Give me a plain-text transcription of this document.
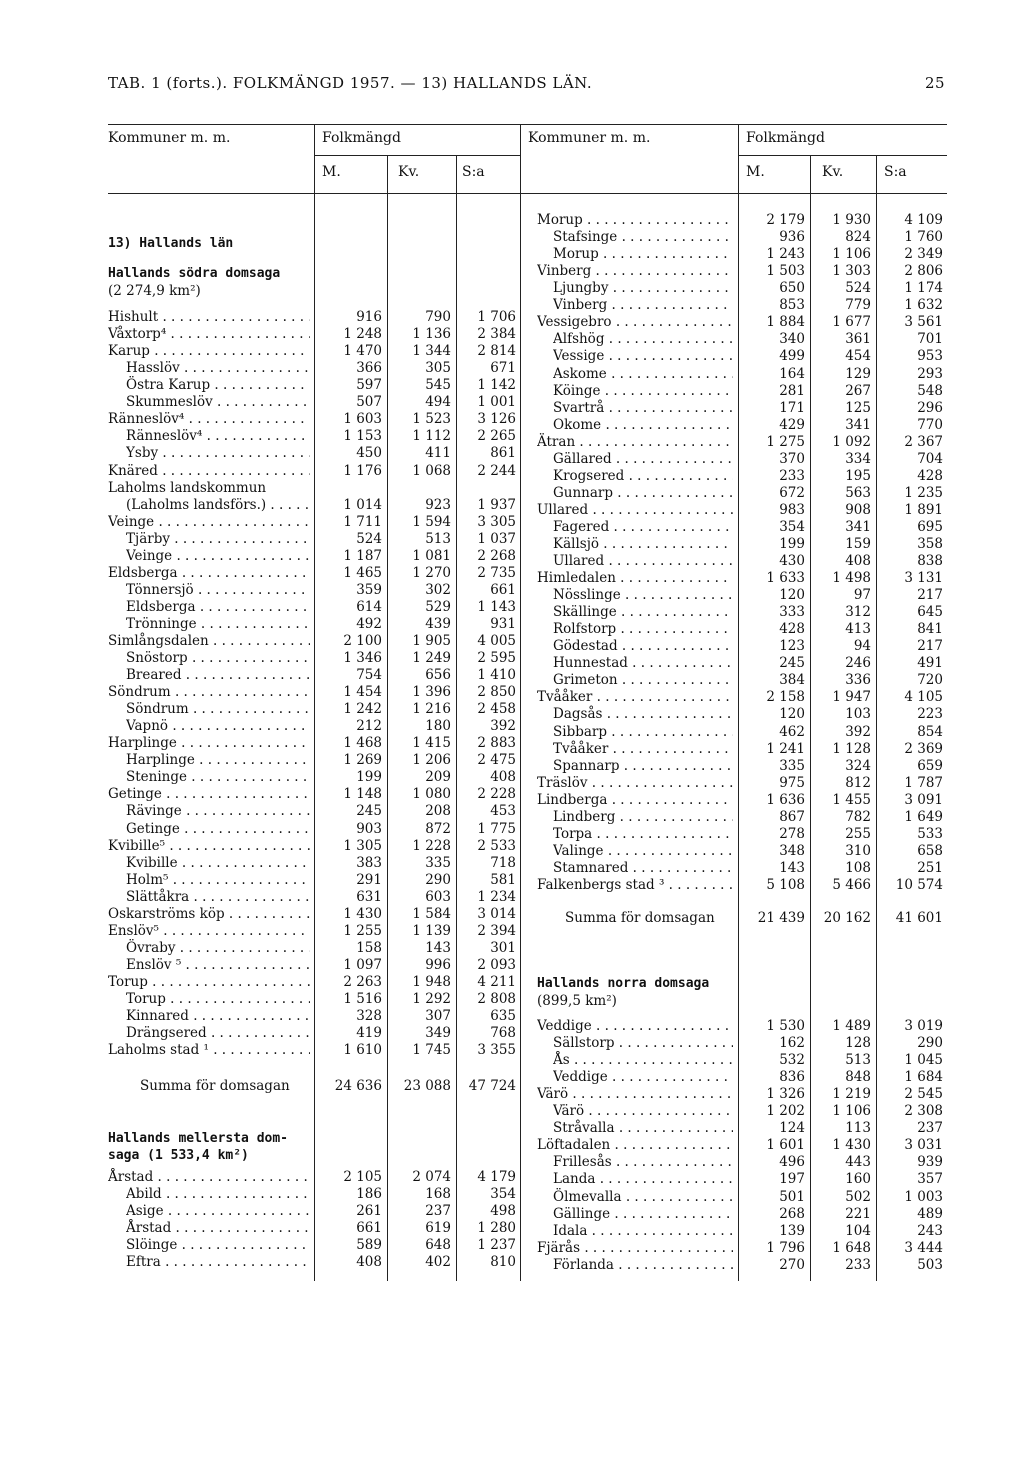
TAB. 1 (forts.). FOLKMÄNGD 1957. — 13) HALLANDS LÄN.	25
Kommuner m. m.	Folkmängd	Kommuner m. m.	Folkmängd
M.	Kv.	S:a	M.	Kv.	S:a
13) Hallands län
Hallands södra domsaga
(2 274,9 km²)
Hallands mellersta dom-
saga (1 533,4 km²)
Hallands norra domsaga
(899,5 km²)
Hishult . . .	916	790	1 706
Våxtorp⁴ . . .	1 248	1 136	2 384
Karup . . .	1 470	1 344	2 814
Hasslöv . . .	366	305	671
Östra Karup . . .	597	545	1 142
Skummeslöv . . .	507	494	1 001
Ränneslöv⁴ . . .	1 603	1 523	3 126
Ränneslöv⁴ . . .	1 153	1 112	2 265
Ysby . . .	450	411	861
Knäred . . .	1 176	1 068	2 244
Laholms landskommun
(Laholms landsförs.) . . .	1 014	923	1 937
Veinge . . .	1 711	1 594	3 305
Tjärby . . .	524	513	1 037
Veinge . . .	1 187	1 081	2 268
Eldsberga . . .	1 465	1 270	2 735
Tönnersjö . . .	359	302	661
Eldsberga . . .	614	529	1 143
Trönninge . . .	492	439	931
Simlångsdalen . . .	2 100	1 905	4 005
Snöstorp . . .	1 346	1 249	2 595
Breared . . .	754	656	1 410
Söndrum . . .	1 454	1 396	2 850
Söndrum . . .	1 242	1 216	2 458
Vapnö . . .	212	180	392
Harplinge . . .	1 468	1 415	2 883
Harplinge . . .	1 269	1 206	2 475
Steninge . . .	199	209	408
Getinge . . .	1 148	1 080	2 228
Rävinge . . .	245	208	453
Getinge . . .	903	872	1 775
Kvibille⁵ . . .	1 305	1 228	2 533
Kvibille . . .	383	335	718
Holm⁵ . . .	291	290	581
Slättåkra . . .	631	603	1 234
Oskarströms köp . . .	1 430	1 584	3 014
Enslöv⁵ . . .	1 255	1 139	2 394
Övraby . . .	158	143	301
Enslöv ⁵ . . .	1 097	996	2 093
Torup . . .	2 263	1 948	4 211
Torup . . .	1 516	1 292	2 808
Kinnared . . .	328	307	635
Drängsered . . .	419	349	768
Laholms stad ¹ . . .	1 610	1 745	3 355
Summa för domsagan	24 636	23 088	47 724
Årstad . . .	2 105	2 074	4 179
Abild . . .	186	168	354
Asige . . .	261	237	498
Årstad . . .	661	619	1 280
Slöinge . . .	589	648	1 237
Eftra . . .	408	402	810
Morup . . .	2 179	1 930	4 109
Stafsinge . . .	936	824	1 760
Morup . . .	1 243	1 106	2 349
Vinberg . . .	1 503	1 303	2 806
Ljungby . . .	650	524	1 174
Vinberg . . .	853	779	1 632
Vessigebro . . .	1 884	1 677	3 561
Alfshög . . .	340	361	701
Vessige . . .	499	454	953
Askome . . .	164	129	293
Köinge . . .	281	267	548
Svartrå . . .	171	125	296
Okome . . .	429	341	770
Ätran . . .	1 275	1 092	2 367
Gällared . . .	370	334	704
Krogsered . . .	233	195	428
Gunnarp . . .	672	563	1 235
Ullared . . .	983	908	1 891
Fagered . . .	354	341	695
Källsjö . . .	199	159	358
Ullared . . .	430	408	838
Himledalen . . .	1 633	1 498	3 131
Nösslinge . . .	120	97	217
Skällinge . . .	333	312	645
Rolfstorp . . .	428	413	841
Gödestad . . .	123	94	217
Hunnestad . . .	245	246	491
Grimeton . . .	384	336	720
Tvååker . . .	2 158	1 947	4 105
Dagsås . . .	120	103	223
Sibbarp . . .	462	392	854
Tvååker . . .	1 241	1 128	2 369
Spannarp . . .	335	324	659
Träslöv . . .	975	812	1 787
Lindberga . . .	1 636	1 455	3 091
Lindberg . . .	867	782	1 649
Torpa . . .	278	255	533
Valinge . . .	348	310	658
Stamnared . . .	143	108	251
Falkenbergs stad ³ . . .	5 108	5 466	10 574
Summa för domsagan	21 439	20 162	41 601
Veddige . . .	1 530	1 489	3 019
Sällstorp . . .	162	128	290
Ås . . .	532	513	1 045
Veddige . . .	836	848	1 684
Värö . . .	1 326	1 219	2 545
Värö . . .	1 202	1 106	2 308
Stråvalla . . .	124	113	237
Löftadalen . . .	1 601	1 430	3 031
Frillesås . . .	496	443	939
Landa . . .	197	160	357
Ölmevalla . . .	501	502	1 003
Gällinge . . .	268	221	489
Idala . . .	139	104	243
Fjärås . . .	1 796	1 648	3 444
Förlanda . . .	270	233	503
